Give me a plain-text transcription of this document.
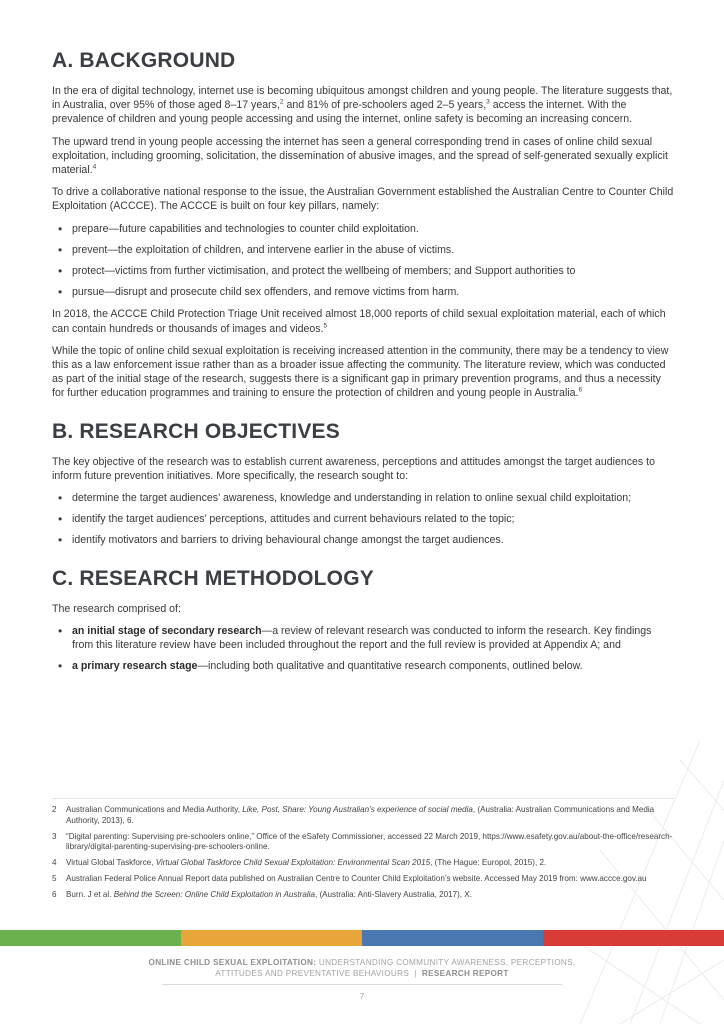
A. BACKGROUND

In the era of digital technology, internet use is becoming ubiquitous amongst children and young people. The literature suggests that, in Australia, over 95% of those aged 8–17 years,$^2$ and 81% of pre-schoolers aged 2–5 years,$^3$ access the internet. With the prevalence of children and young people accessing and using the internet, online safety is becoming an increasing concern.

The upward trend in young people accessing the internet has seen a general corresponding trend in cases of online child sexual exploitation, including grooming, solicitation, the dissemination of abusive images, and the spread of self-generated sexually explicit material.$^4$

To drive a collaborative national response to the issue, the Australian Government established the Australian Centre to Counter Child Exploitation (ACCCE). The ACCCE is built on four key pillars, namely:

• prepare—future capabilities and technologies to counter child exploitation.
• prevent—the exploitation of children, and intervene earlier in the abuse of victims.
• protect—victims from further victimisation, and protect the wellbeing of members; and Support authorities to
• pursue—disrupt and prosecute child sex offenders, and remove victims from harm.

In 2018, the ACCCE Child Protection Triage Unit received almost 18,000 reports of child sexual exploitation material, each of which can contain hundreds or thousands of images and videos.$^5$

While the topic of online child sexual exploitation is receiving increased attention in the community, there may be a tendency to view this as a law enforcement issue rather than as a broader issue affecting the community. The literature review, which was conducted as part of the initial stage of the research, suggests there is a significant gap in primary prevention programs, and thus a necessity for further education programmes and training to ensure the protection of children and young people in Australia.$^6$

B. RESEARCH OBJECTIVES

The key objective of the research was to establish current awareness, perceptions and attitudes amongst the target audiences to inform future prevention initiatives. More specifically, the research sought to:

• determine the target audiences’ awareness, knowledge and understanding in relation to online sexual child exploitation;
• identify the target audiences’ perceptions, attitudes and current behaviours related to the topic;
• identify motivators and barriers to driving behavioural change amongst the target audiences.
C. RESEARCH METHODOLOGY

The research comprised of:

• an initial stage of secondary research—a review of relevant research was conducted to inform the research. Key findings from this literature review have been included throughout the report and the full review is provided at Appendix A; and
• a primary research stage—including both qualitative and quantitative research components, outlined below.
2	Australian Communications and Media Authority, Like, Post, Share: Young Australian’s experience of social media, (Australia: Australian Communications and Media Authority, 2013), 6.
3	“Digital parenting: Supervising pre-schoolers online,” Office of the eSafety Commissioner, accessed 22 March 2019, https://www.esafety.gov.au/about-the-office/research-library/digital-parenting-supervising-pre-schoolers-online.
4	Virtual Global Taskforce, Virtual Global Taskforce Child Sexual Exploitation: Environmental Scan 2015, (The Hague: Europol, 2015), 2.
5	Australian Federal Police Annual Report data published on Australian Centre to Counter Child Exploitation’s website. Accessed May 2019 from: www.accce.gov.au
6	Burn. J et al. Behind the Screen: Online Child Exploitation in Australia, (Australia: Anti-Slavery Australia, 2017), X.
ONLINE CHILD SEXUAL EXPLOITATION: UNDERSTANDING COMMUNITY AWARENESS, PERCEPTIONS,
ATTITUDES AND PREVENTATIVE BEHAVIOURS | RESEARCH REPORT
7
